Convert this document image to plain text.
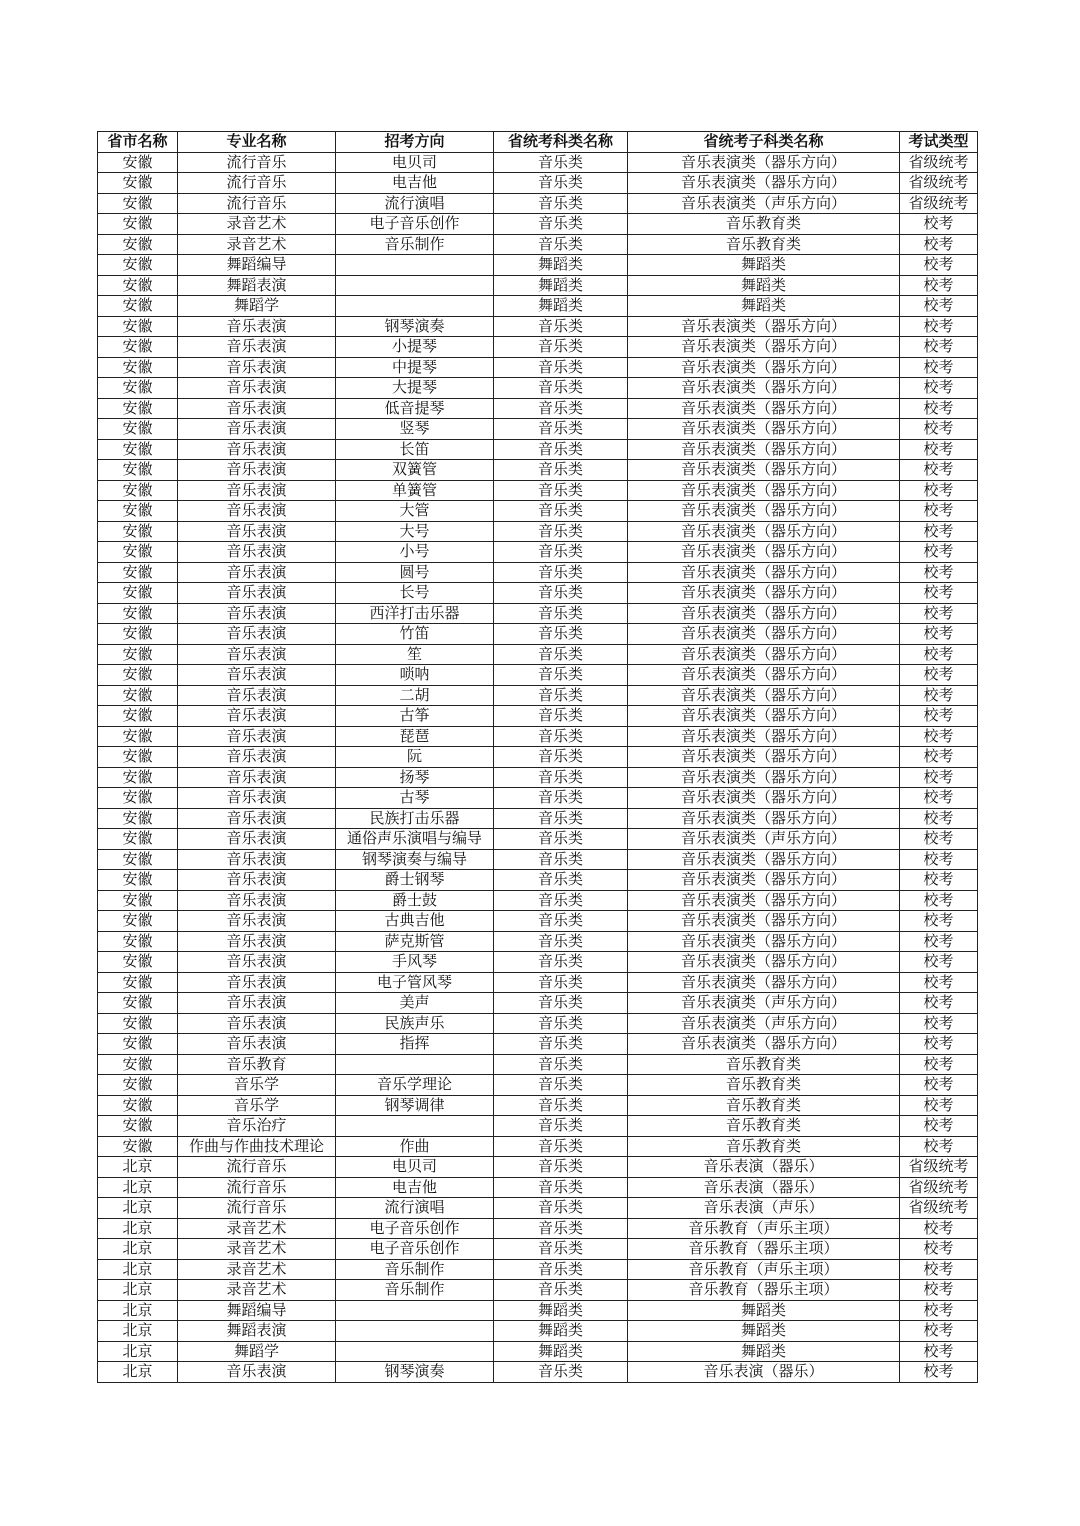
省市名称	专业名称	招考方向	省统考科类名称	省统考子科类名称	考试类型
安徽	流行音乐	电贝司	音乐类	音乐表演类（器乐方向）	省级统考
安徽	流行音乐	电吉他	音乐类	音乐表演类（器乐方向）	省级统考
安徽	流行音乐	流行演唱	音乐类	音乐表演类（声乐方向）	省级统考
安徽	录音艺术	电子音乐创作	音乐类	音乐教育类	校考
安徽	录音艺术	音乐制作	音乐类	音乐教育类	校考
安徽	舞蹈编导		舞蹈类	舞蹈类	校考
安徽	舞蹈表演		舞蹈类	舞蹈类	校考
安徽	舞蹈学		舞蹈类	舞蹈类	校考
安徽	音乐表演	钢琴演奏	音乐类	音乐表演类（器乐方向）	校考
安徽	音乐表演	小提琴	音乐类	音乐表演类（器乐方向）	校考
安徽	音乐表演	中提琴	音乐类	音乐表演类（器乐方向）	校考
安徽	音乐表演	大提琴	音乐类	音乐表演类（器乐方向）	校考
安徽	音乐表演	低音提琴	音乐类	音乐表演类（器乐方向）	校考
安徽	音乐表演	竖琴	音乐类	音乐表演类（器乐方向）	校考
安徽	音乐表演	长笛	音乐类	音乐表演类（器乐方向）	校考
安徽	音乐表演	双簧管	音乐类	音乐表演类（器乐方向）	校考
安徽	音乐表演	单簧管	音乐类	音乐表演类（器乐方向）	校考
安徽	音乐表演	大管	音乐类	音乐表演类（器乐方向）	校考
安徽	音乐表演	大号	音乐类	音乐表演类（器乐方向）	校考
安徽	音乐表演	小号	音乐类	音乐表演类（器乐方向）	校考
安徽	音乐表演	圆号	音乐类	音乐表演类（器乐方向）	校考
安徽	音乐表演	长号	音乐类	音乐表演类（器乐方向）	校考
安徽	音乐表演	西洋打击乐器	音乐类	音乐表演类（器乐方向）	校考
安徽	音乐表演	竹笛	音乐类	音乐表演类（器乐方向）	校考
安徽	音乐表演	笙	音乐类	音乐表演类（器乐方向）	校考
安徽	音乐表演	唢呐	音乐类	音乐表演类（器乐方向）	校考
安徽	音乐表演	二胡	音乐类	音乐表演类（器乐方向）	校考
安徽	音乐表演	古筝	音乐类	音乐表演类（器乐方向）	校考
安徽	音乐表演	琵琶	音乐类	音乐表演类（器乐方向）	校考
安徽	音乐表演	阮	音乐类	音乐表演类（器乐方向）	校考
安徽	音乐表演	扬琴	音乐类	音乐表演类（器乐方向）	校考
安徽	音乐表演	古琴	音乐类	音乐表演类（器乐方向）	校考
安徽	音乐表演	民族打击乐器	音乐类	音乐表演类（器乐方向）	校考
安徽	音乐表演	通俗声乐演唱与编导	音乐类	音乐表演类（声乐方向）	校考
安徽	音乐表演	钢琴演奏与编导	音乐类	音乐表演类（器乐方向）	校考
安徽	音乐表演	爵士钢琴	音乐类	音乐表演类（器乐方向）	校考
安徽	音乐表演	爵士鼓	音乐类	音乐表演类（器乐方向）	校考
安徽	音乐表演	古典吉他	音乐类	音乐表演类（器乐方向）	校考
安徽	音乐表演	萨克斯管	音乐类	音乐表演类（器乐方向）	校考
安徽	音乐表演	手风琴	音乐类	音乐表演类（器乐方向）	校考
安徽	音乐表演	电子管风琴	音乐类	音乐表演类（器乐方向）	校考
安徽	音乐表演	美声	音乐类	音乐表演类（声乐方向）	校考
安徽	音乐表演	民族声乐	音乐类	音乐表演类（声乐方向）	校考
安徽	音乐表演	指挥	音乐类	音乐表演类（器乐方向）	校考
安徽	音乐教育		音乐类	音乐教育类	校考
安徽	音乐学	音乐学理论	音乐类	音乐教育类	校考
安徽	音乐学	钢琴调律	音乐类	音乐教育类	校考
安徽	音乐治疗		音乐类	音乐教育类	校考
安徽	作曲与作曲技术理论	作曲	音乐类	音乐教育类	校考
北京	流行音乐	电贝司	音乐类	音乐表演（器乐）	省级统考
北京	流行音乐	电吉他	音乐类	音乐表演（器乐）	省级统考
北京	流行音乐	流行演唱	音乐类	音乐表演（声乐）	省级统考
北京	录音艺术	电子音乐创作	音乐类	音乐教育（声乐主项）	校考
北京	录音艺术	电子音乐创作	音乐类	音乐教育（器乐主项）	校考
北京	录音艺术	音乐制作	音乐类	音乐教育（声乐主项）	校考
北京	录音艺术	音乐制作	音乐类	音乐教育（器乐主项）	校考
北京	舞蹈编导		舞蹈类	舞蹈类	校考
北京	舞蹈表演		舞蹈类	舞蹈类	校考
北京	舞蹈学		舞蹈类	舞蹈类	校考
北京	音乐表演	钢琴演奏	音乐类	音乐表演（器乐）	校考
